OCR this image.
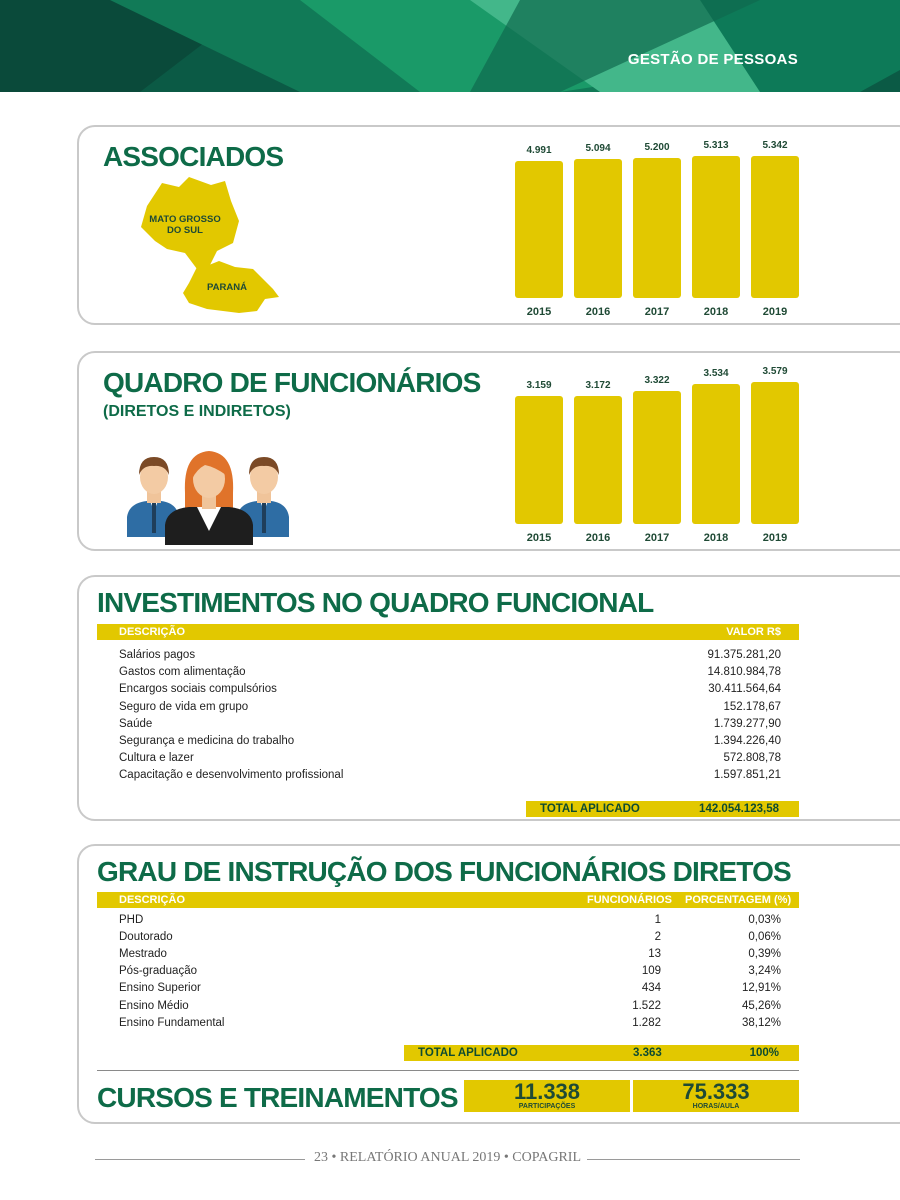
GESTÃO DE PESSOAS
ASSOCIADOS
MATO GROSSO
DO SUL
PARANÁ
4.991
2015
5.094
2016
5.200
2017
5.313
2018
5.342
2019
QUADRO DE FUNCIONÁRIOS
(DIRETOS E INDIRETOS)
3.159
2015
3.172
2016
3.322
2017
3.534
2018
3.579
2019
INVESTIMENTOS NO QUADRO FUNCIONAL
DESCRIÇÃO	VALOR R$
Salários pagos	91.375.281,20
Gastos com alimentação	14.810.984,78
Encargos sociais compulsórios	30.411.564,64
Seguro de vida em grupo	152.178,67
Saúde	1.739.277,90
Segurança e medicina do trabalho	1.394.226,40
Cultura e lazer	572.808,78
Capacitação e desenvolvimento profissional	1.597.851,21
TOTAL APLICADO	142.054.123,58
GRAU DE INSTRUÇÃO DOS FUNCIONÁRIOS DIRETOS
DESCRIÇÃO	FUNCIONÁRIOS PORCENTAGEM (%)
PHD	1	0,03%
Doutorado	2	0,06%
Mestrado	13	0,39%
Pós-graduação	109	3,24%
Ensino Superior	434	12,91%
Ensino Médio	1.522	45,26%
Ensino Fundamental	1.282	38,12%
TOTAL APLICADO	3.363	100%
CURSOS E TREINAMENTOS	11.338
PARTICIPAÇÕES
75.333
HORAS/AULA
23 • RELATÓRIO ANUAL 2019 • COPAGRIL
